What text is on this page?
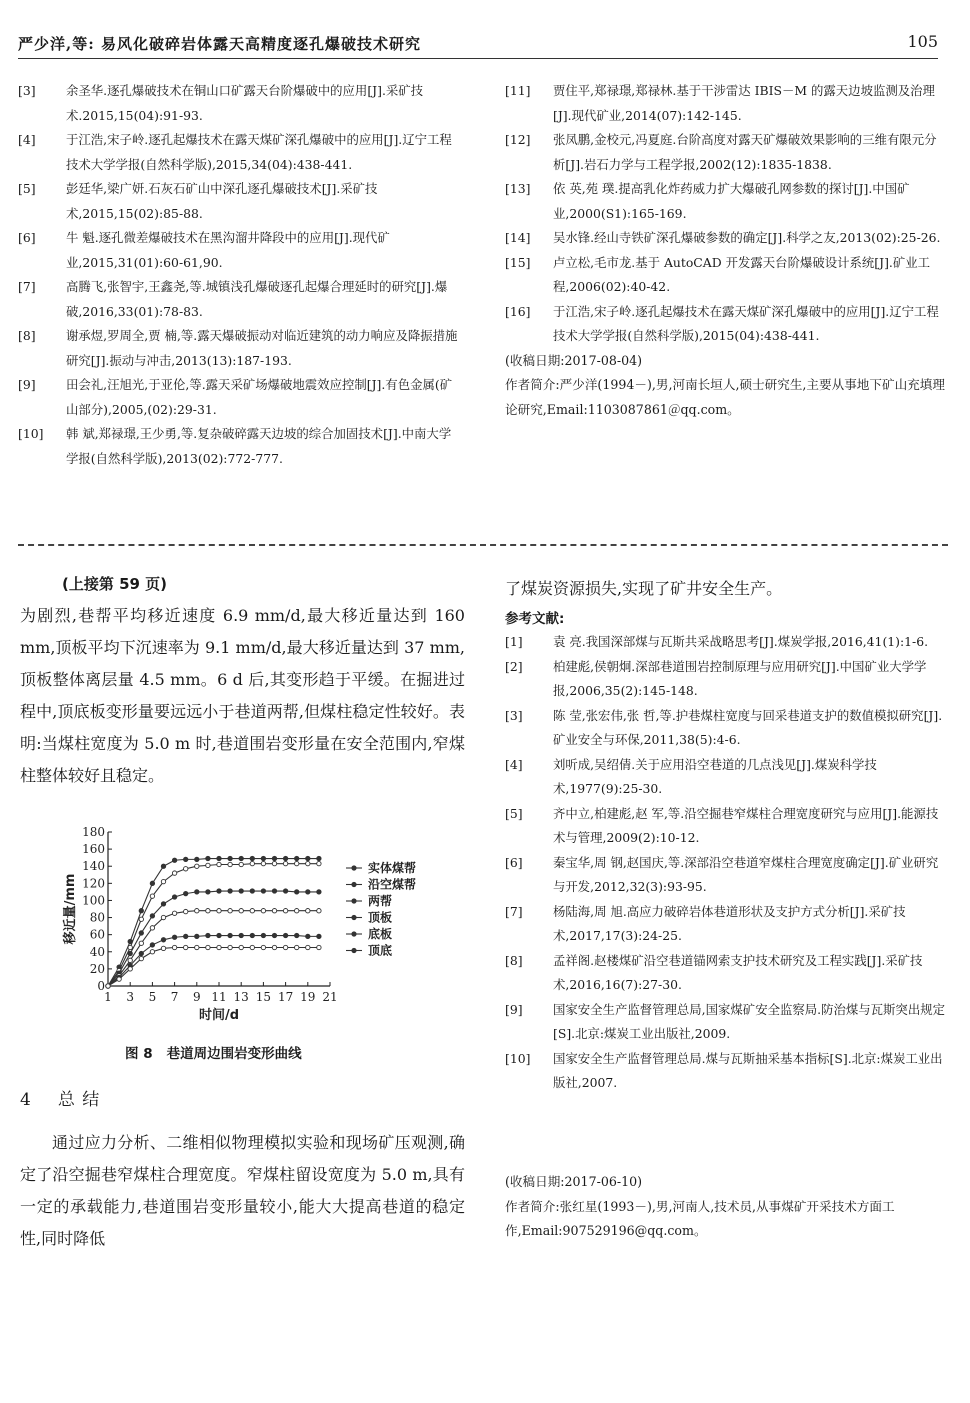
严少洋,等: 易风化破碎岩体露天高精度逐孔爆破技术研究	105
[3] 余圣华.逐孔爆破技术在铜山口矿露天台阶爆破中的应用[J].采矿技术.2015,15(04):91-93.
[4] 于江浩,宋子岭.逐孔起爆技术在露天煤矿深孔爆破中的应用[J].辽宁工程技术大学学报(自然科学版),2015,34(04):438-441.
[5] 彭廷华,梁广妍.石灰石矿山中深孔逐孔爆破技术[J].采矿技术,2015,15(02):85-88.
[6] 牛 魁.逐孔微差爆破技术在黑沟溜井降段中的应用[J].现代矿业,2015,31(01):60-61,90.
[7] 高腾飞,张智宇,王鑫尧,等.城镇浅孔爆破逐孔起爆合理延时的研究[J].爆破,2016,33(01):78-83.
[8] 谢承煜,罗周全,贾 楠,等.露天爆破振动对临近建筑的动力响应及降振措施研究[J].振动与冲击,2013(13):187-193.
[9] 田会礼,汪旭光,于亚伦,等.露天采矿场爆破地震效应控制[J].有色金属(矿山部分),2005,(02):29-31.
[10] 韩 斌,郑禄璟,王少勇,等.复杂破碎露天边坡的综合加固技术[J].中南大学学报(自然科学版),2013(02):772-777.
[11] 贾住平,郑禄璟,郑禄林.基于干涉雷达 IBIS－M 的露天边坡监测及治理[J].现代矿业,2014(07):142-145.
[12] 张凤鹏,金校元,冯夏庭.台阶高度对露天矿爆破效果影响的三维有限元分析[J].岩石力学与工程学报,2002(12):1835-1838.
[13] 依 英,苑 璞.提高乳化炸药威力扩大爆破孔网参数的探讨[J].中国矿业,2000(S1):165-169.
[14] 吴水锋.经山寺铁矿深孔爆破参数的确定[J].科学之友,2013(02):25-26.
[15] 卢立松,毛市龙.基于 AutoCAD 开发露天台阶爆破设计系统[J].矿业工程,2006(02):40-42.
[16] 于江浩,宋子岭.逐孔起爆技术在露天煤矿深孔爆破中的应用[J].辽宁工程技术大学学报(自然科学版),2015(04):438-441.
(收稿日期:2017-08-04)
作者简介:严少洋(1994－),男,河南长垣人,硕士研究生,主要从事地下矿山充填理论研究,Email:1103087861＠qq.com。
(上接第 59 页)
为剧烈,巷帮平均移近速度 6.9 mm/d,最大移近量达到 160 mm,顶板平均下沉速率为 9.1 mm/d,最大移近量达到 37 mm,顶板整体离层量 4.5 mm。6 d 后,其变形趋于平缓。在掘进过程中,顶底板变形量要远远小于巷道两帮,但煤柱稳定性较好。表明:当煤柱宽度为 5.0 m 时,巷道围岩变形量在安全范围内,窄煤柱整体较好且稳定。
0
20
40
60
80
100
120
140
160
180
1 3 5 7 9 11 13 15 17 19 21
时间/d
移近量/mm
实体煤帮
沿空煤帮
两帮
顶板
底板
顶底
图 8 巷道周边围岩变形曲线
4 总 结
通过应力分析、二维相似物理模拟实验和现场矿压观测,确定了沿空掘巷窄煤柱合理宽度。窄煤柱留设宽度为 5.0 m,具有一定的承载能力,巷道围岩变形量较小,能大大提高巷道的稳定性,同时降低
了煤炭资源损失,实现了矿井安全生产。
参考文献:
[1] 袁 亮.我国深部煤与瓦斯共采战略思考[J].煤炭学报,2016,41(1):1-6.
[2] 柏建彪,侯朝炯.深部巷道围岩控制原理与应用研究[J].中国矿业大学学报,2006,35(2):145-148.
[3] 陈 莹,张宏伟,张 哲,等.护巷煤柱宽度与回采巷道支护的数值模拟研究[J].矿业安全与环保,2011,38(5):4-6.
[4] 刘听成,吴绍倩.关于应用沿空巷道的几点浅见[J].煤炭科学技术,1977(9):25-30.
[5] 齐中立,柏建彪,赵 军,等.沿空掘巷窄煤柱合理宽度研究与应用[J].能源技术与管理,2009(2):10-12.
[6] 秦宝华,周 钢,赵国庆,等.深部沿空巷道窄煤柱合理宽度确定[J].矿业研究与开发,2012,32(3):93-95.
[7] 杨陆海,周 旭.高应力破碎岩体巷道形状及支护方式分析[J].采矿技术,2017,17(3):24-25.
[8] 孟祥阁.赵楼煤矿沿空巷道锚网索支护技术研究及工程实践[J].采矿技术,2016,16(7):27-30.
[9] 国家安全生产监督管理总局,国家煤矿安全监察局.防治煤与瓦斯突出规定[S].北京:煤炭工业出版社,2009.
[10] 国家安全生产监督管理总局.煤与瓦斯抽采基本指标[S].北京:煤炭工业出版社,2007.
(收稿日期:2017-06-10)
作者简介:张红星(1993－),男,河南人,技术员,从事煤矿开采技术方面工作,Email:907529196@qq.com。
